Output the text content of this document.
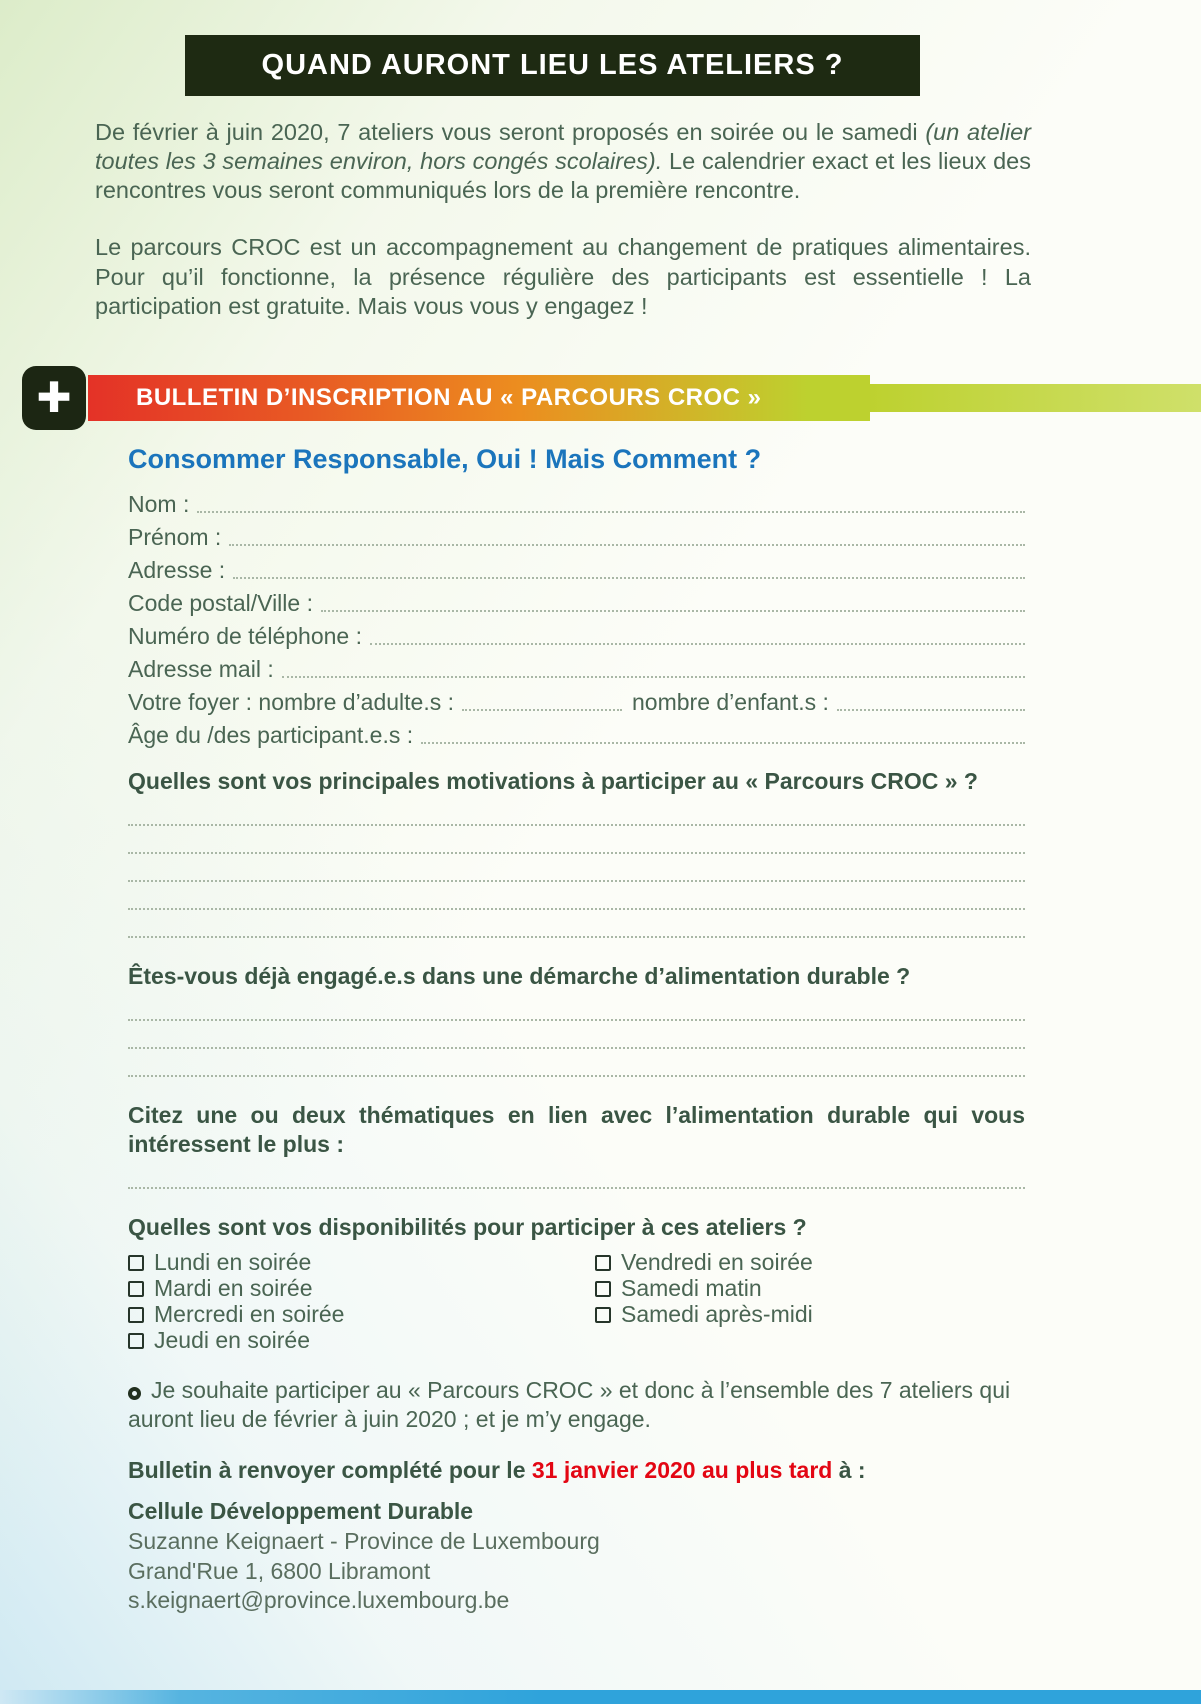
QUAND AURONT LIEU LES ATELIERS ?

De février à juin 2020, 7 ateliers vous seront proposés en soirée ou le samedi (un atelier toutes les 3 semaines environ, hors congés scolaires). Le calendrier exact et les lieux des rencontres vous seront communiqués lors de la première rencontre.

Le parcours CROC est un accompagnement au changement de pratiques alimentaires. Pour qu’il fonctionne, la présence régulière des participants est essentielle ! La participation est gratuite. Mais vous vous y engagez !

✚	BULLETIN D’INSCRIPTION AU « PARCOURS CROC »
Consommer Responsable, Oui ! Mais Comment ?
Nom :
Prénom :
Adresse :
Code postal/Ville :
Numéro de téléphone :
Adresse mail :
Votre foyer : nombre d’adulte.s :	nombre d’enfant.s :
Âge du /des participant.e.s :
Quelles sont vos principales motivations à participer au « Parcours CROC » ?
Êtes-vous déjà engagé.e.s dans une démarche d’alimentation durable ?
Citez une ou deux thématiques en lien avec l’alimentation durable qui vous intéressent le plus :
Quelles sont vos disponibilités pour participer à ces ateliers ?
Lundi en soirée
Mardi en soirée
Mercredi en soirée
Jeudi en soirée
Vendredi en soirée
Samedi matin
Samedi après-midi

Je souhaite participer au « Parcours CROC » et donc à l’ensemble des 7 ateliers qui auront lieu de février à juin 2020 ; et je m’y engage.

Bulletin à renvoyer complété pour le 31 janvier 2020 au plus tard à :

Cellule Développement Durable

Suzanne Keignaert - Province de Luxembourg

Grand'Rue 1, 6800 Libramont

s.keignaert@province.luxembourg.be
